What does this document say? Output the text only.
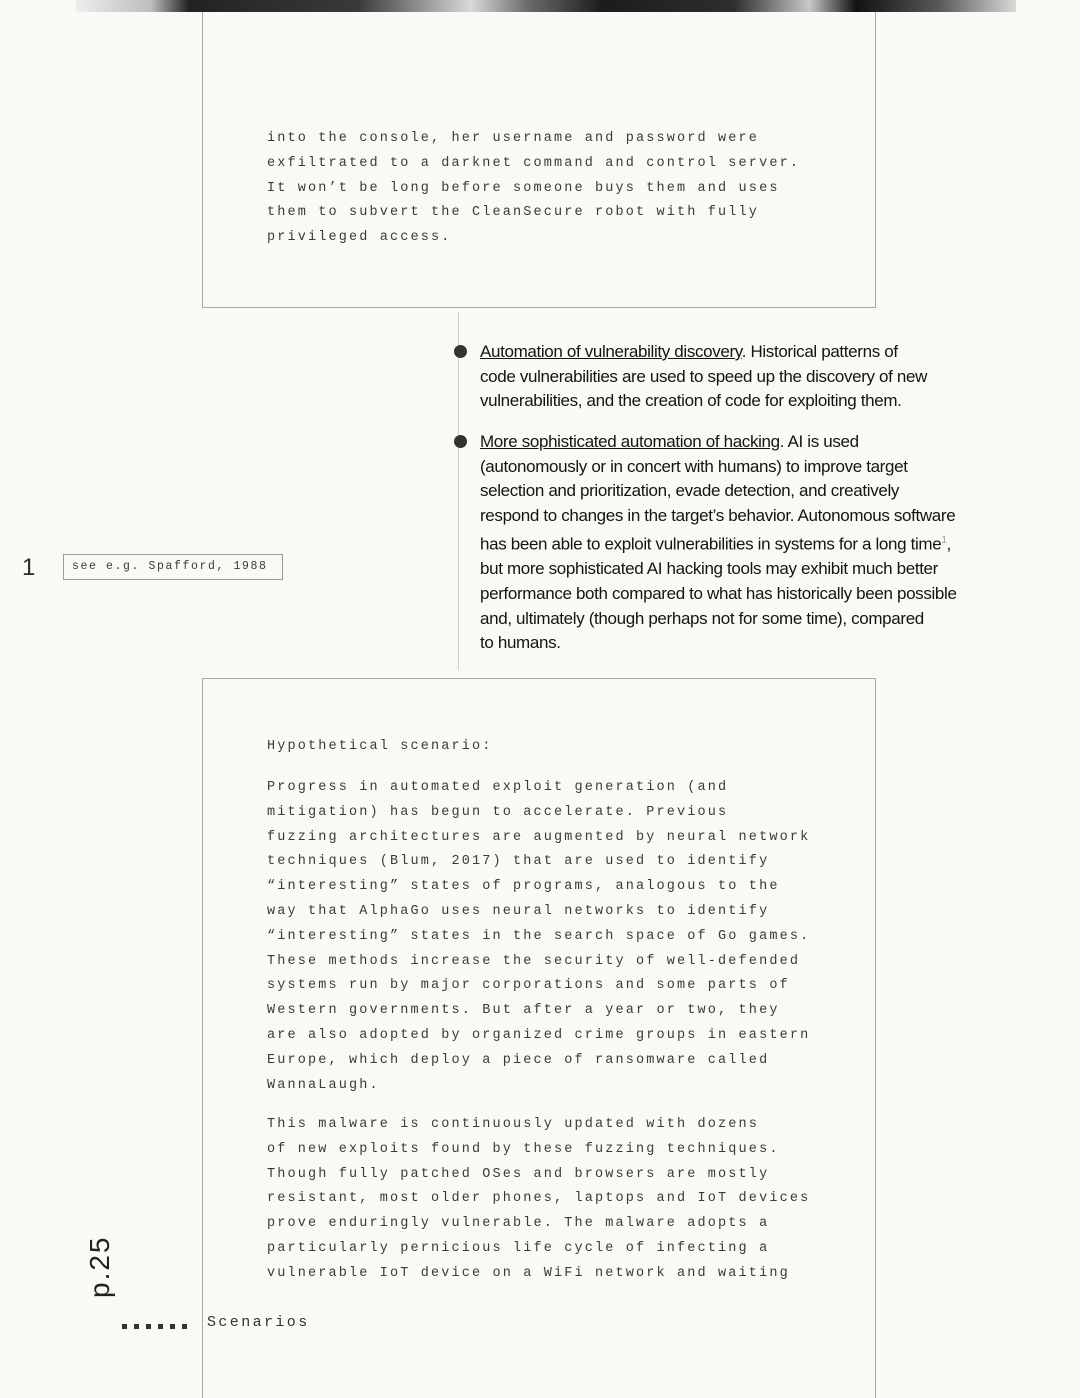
into the console, her username and password were
exfiltrated to a darknet command and control server.
It won’t be long before someone buys them and uses
them to subvert the CleanSecure robot with fully
privileged access.

Automation of vulnerability discovery. Historical patterns of
code vulnerabilities are used to speed up the discovery of new
vulnerabilities, and the creation of code for exploiting them.

More sophisticated automation of hacking. AI is used
(autonomously or in concert with humans) to improve target
selection and prioritization, evade detection, and creatively
respond to changes in the target’s behavior. Autonomous software
has been able to exploit vulnerabilities in systems for a long time$^1$,
but more sophisticated AI hacking tools may exhibit much better
performance both compared to what has historically been possible
and, ultimately (though perhaps not for some time), compared
to humans.

1	see e.g. Spafford, 1988

Hypothetical scenario:

Progress in automated exploit generation (and
mitigation) has begun to accelerate. Previous
fuzzing architectures are augmented by neural network
techniques (Blum, 2017) that are used to identify
“interesting” states of programs, analogous to the
way that AlphaGo uses neural networks to identify
“interesting” states in the search space of Go games.
These methods increase the security of well-defended
systems run by major corporations and some parts of
Western governments. But after a year or two, they
are also adopted by organized crime groups in eastern
Europe, which deploy a piece of ransomware called
WannaLaugh.

This malware is continuously updated with dozens
of new exploits found by these fuzzing techniques.
Though fully patched OSes and browsers are mostly
resistant, most older phones, laptops and IoT devices
prove enduringly vulnerable. The malware adopts a
particularly pernicious life cycle of infecting a
vulnerable IoT device on a WiFi network and waiting

p.25
Scenarios
